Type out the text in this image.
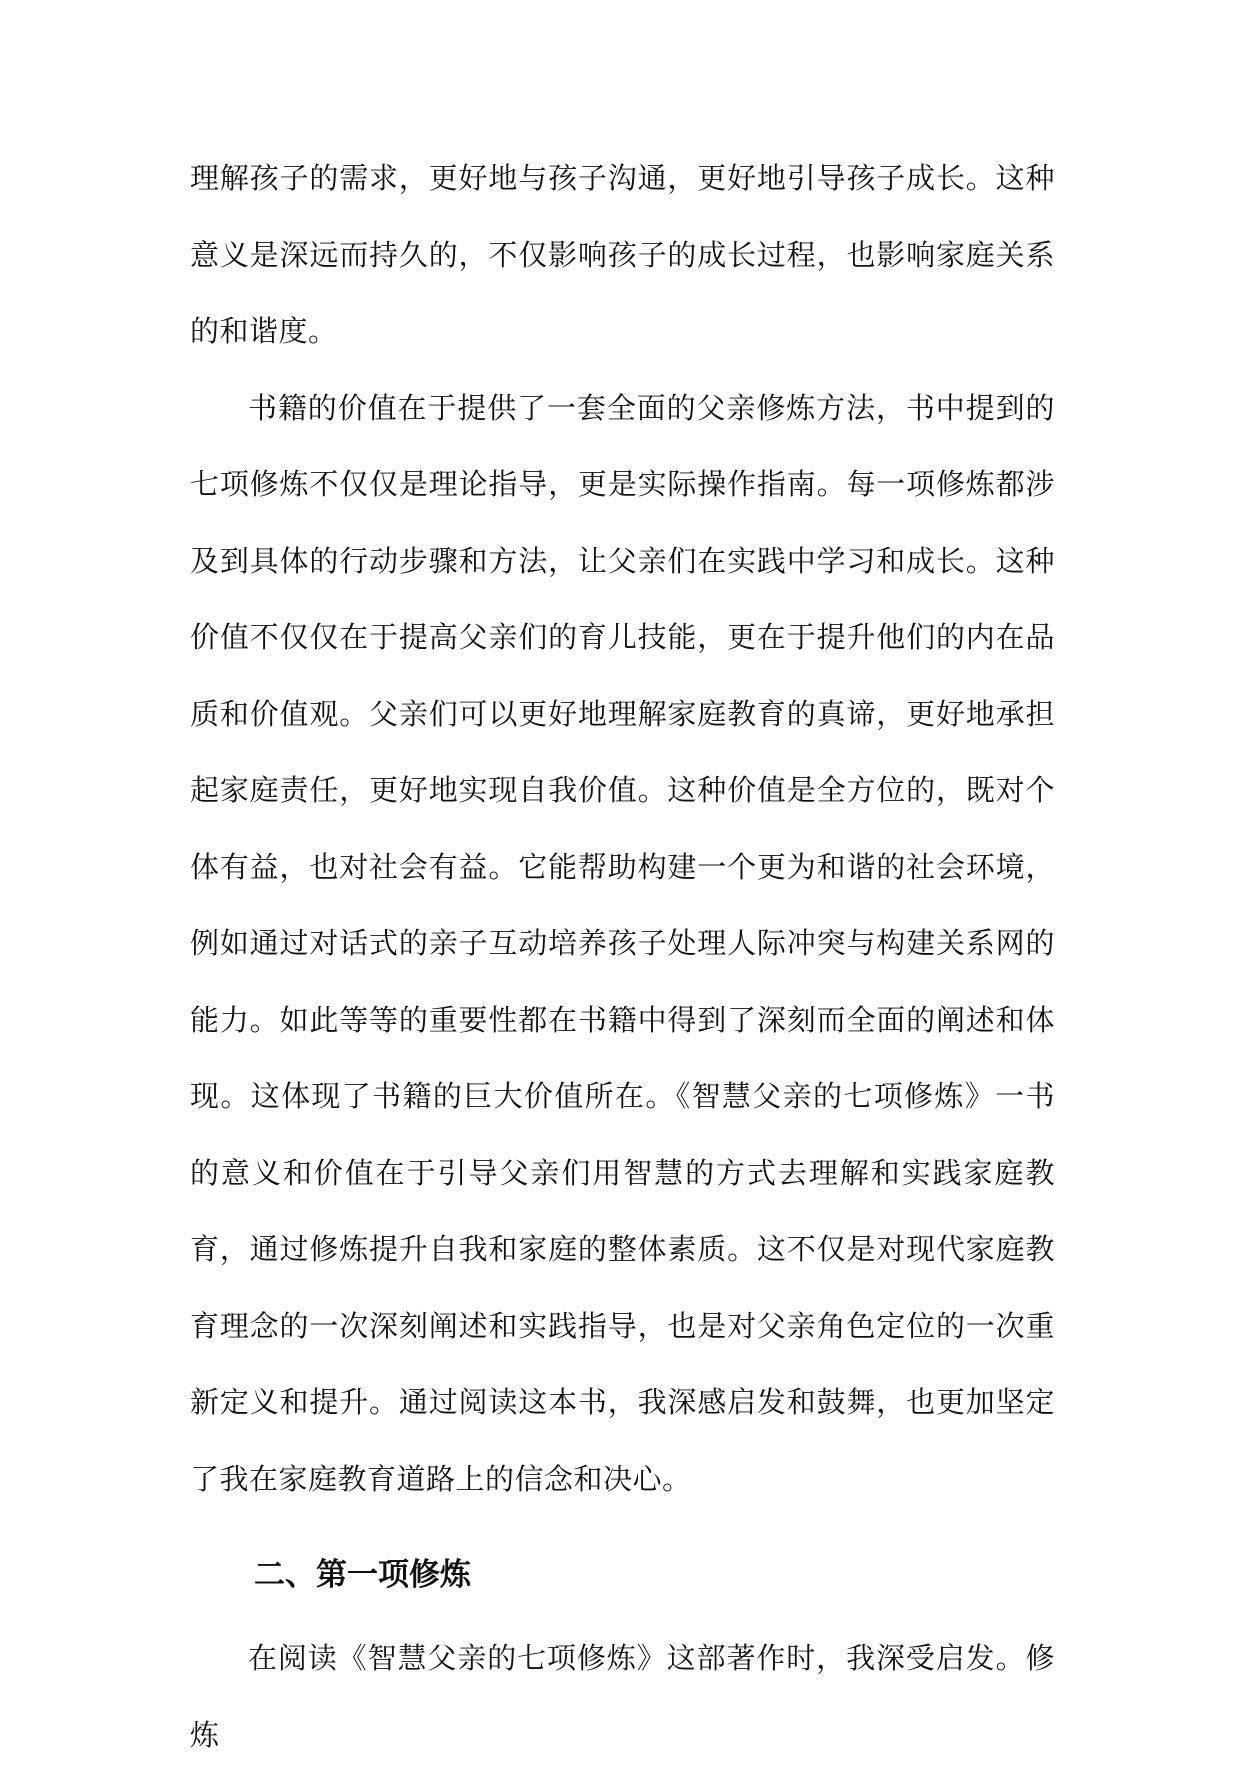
理解孩子的需求，更好地与孩子沟通，更好地引导孩子成长。这种意义是深远而持久的，不仅影响孩子的成长过程，也影响家庭关系的和谐度。

书籍的价值在于提供了一套全面的父亲修炼方法，书中提到的七项修炼不仅仅是理论指导，更是实际操作指南。每一项修炼都涉及到具体的行动步骤和方法，让父亲们在实践中学习和成长。这种价值不仅仅在于提高父亲们的育儿技能，更在于提升他们的内在品质和价值观。父亲们可以更好地理解家庭教育的真谛，更好地承担起家庭责任，更好地实现自我价值。这种价值是全方位的，既对个体有益，也对社会有益。它能帮助构建一个更为和谐的社会环境，例如通过对话式的亲子互动培养孩子处理人际冲突与构建关系网的能力。如此等等的重要性都在书籍中得到了深刻而全面的阐述和体现。这体现了书籍的巨大价值所在。《智慧父亲的七项修炼》一书的意义和价值在于引导父亲们用智慧的方式去理解和实践家庭教育，通过修炼提升自我和家庭的整体素质。这不仅是对现代家庭教育理念的一次深刻阐述和实践指导，也是对父亲角色定位的一次重新定义和提升。通过阅读这本书，我深感启发和鼓舞，也更加坚定了我在家庭教育道路上的信念和决心。

二、第一项修炼

在阅读《智慧父亲的七项修炼》这部著作时，我深受启发。修炼
